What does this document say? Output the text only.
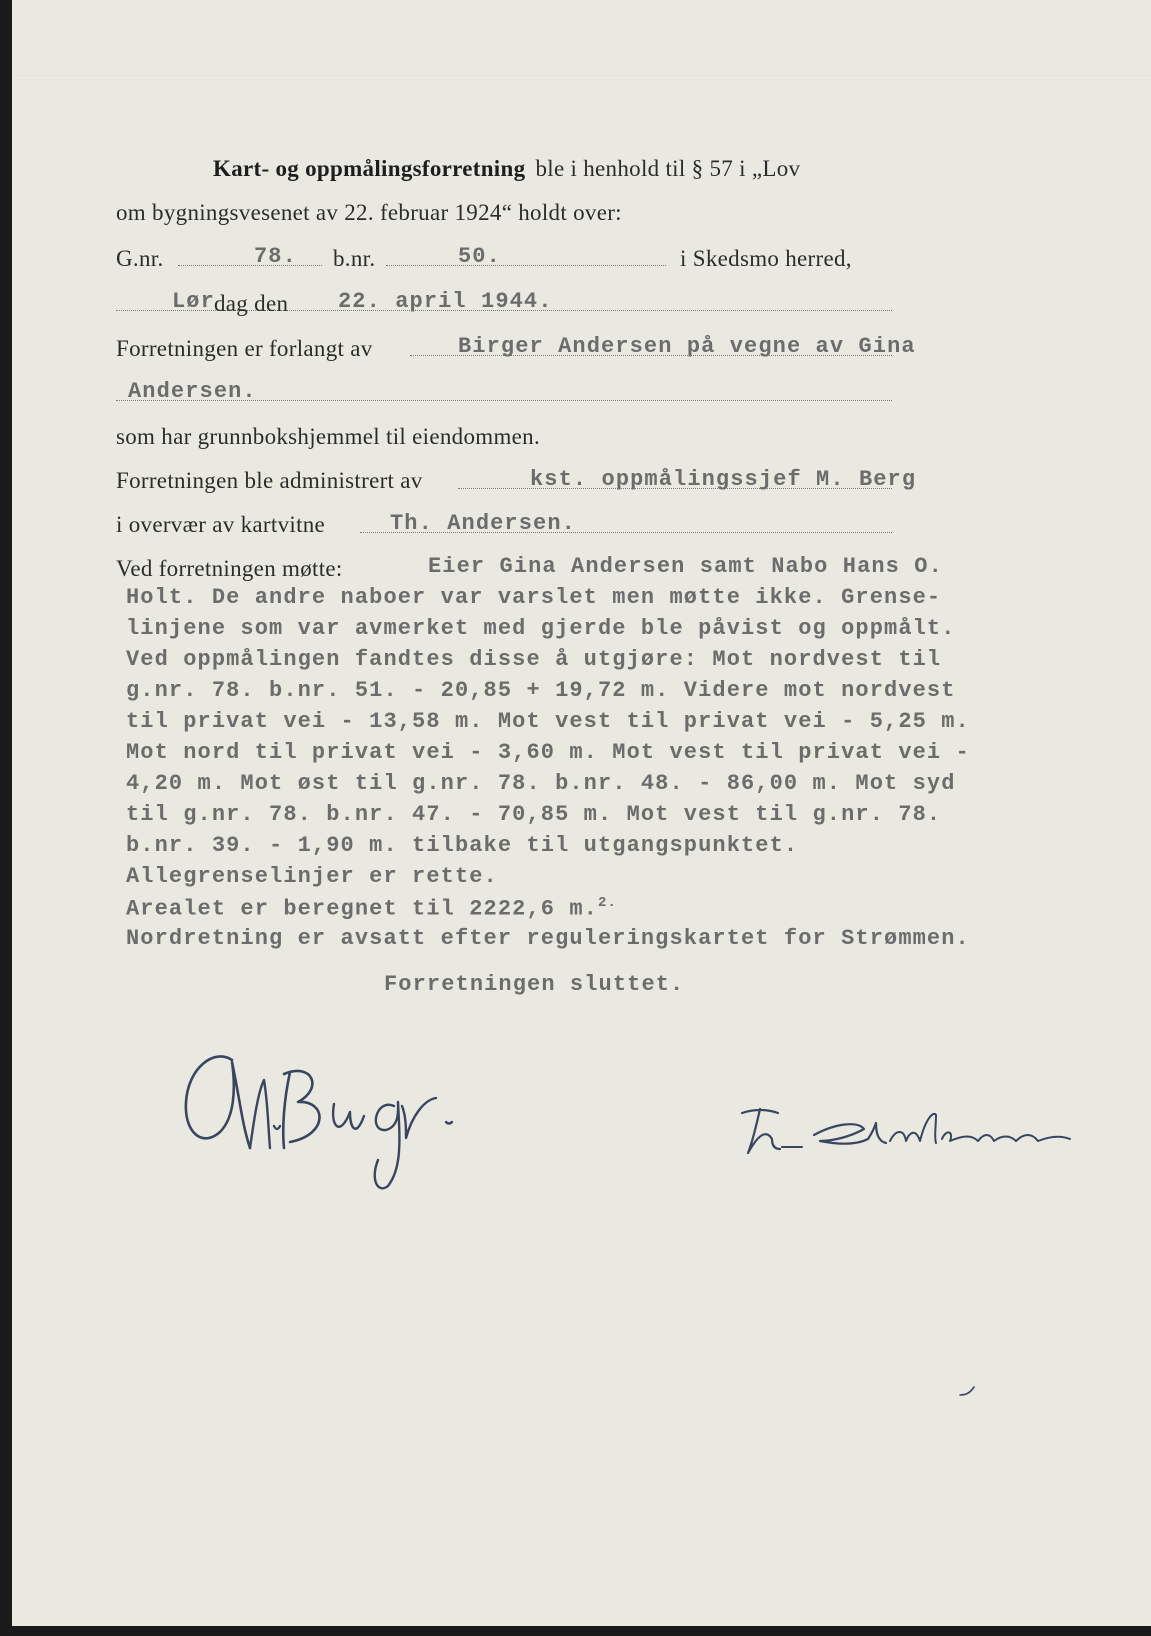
Kart- og oppmålingsforretning ble i henhold til § 57 i „Lov
om bygningsvesenet av 22. februar 1924“ holdt over:
G.nr.	78. b.nr.	50.	i Skedsmo herred,
Lør dag den 22. april 1944.
Forretningen er forlangt av	Birger Andersen på vegne av Gina
Andersen.
som har grunnbokshjemmel til eiendommen.
Forretningen ble administrert av	kst. oppmålingssjef M. Berg
i overvær av kartvitne	Th. Andersen.
Ved forretningen møtte:	Eier Gina Andersen samt Nabo Hans O.
Holt. De andre naboer var varslet men møtte ikke. Grense-
linjene som var avmerket med gjerde ble påvist og oppmålt.
Ved oppmålingen fandtes disse å utgjøre: Mot nordvest til
g.nr. 78. b.nr. 51. - 20,85 + 19,72 m. Videre mot nordvest
til privat vei - 13,58 m. Mot vest til privat vei - 5,25 m.
Mot nord til privat vei - 3,60 m. Mot vest til privat vei -
4,20 m. Mot øst til g.nr. 78. b.nr. 48. - 86,00 m. Mot syd
til g.nr. 78. b.nr. 47. - 70,85 m. Mot vest til g.nr. 78.
b.nr. 39. - 1,90 m. tilbake til utgangspunktet.
Allegrenselinjer er rette.
Arealet er beregnet til 2222,6 m.$^{2.}$
Nordretning er avsatt efter reguleringskartet for Strømmen.
Forretningen sluttet.
